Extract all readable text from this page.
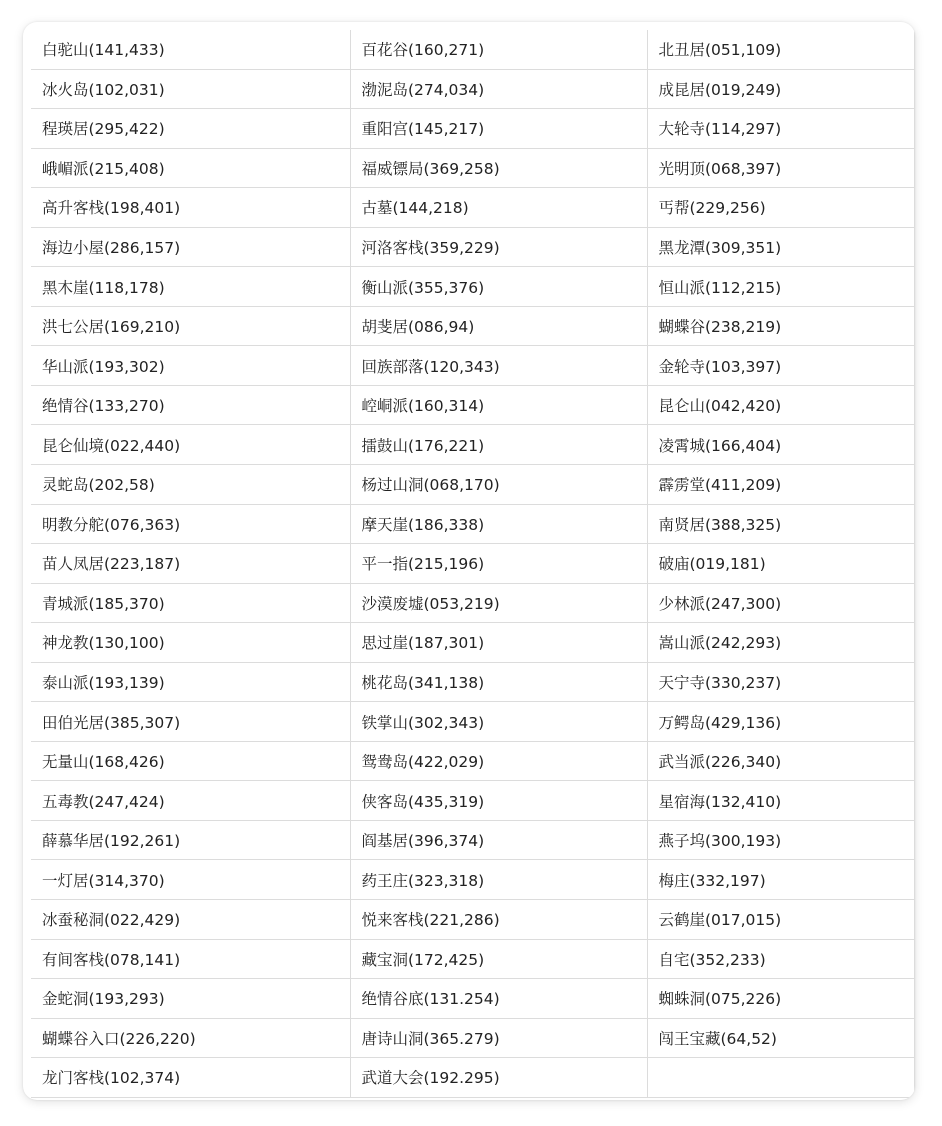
白驼山(141,433)	百花谷(160,271)	北丑居(051,109)
冰火岛(102,031)	渤泥岛(274,034)	成昆居(019,249)
程瑛居(295,422)	重阳宫(145,217)	大轮寺(114,297)
峨嵋派(215,408)	福威镖局(369,258)	光明顶(068,397)
高升客栈(198,401)	古墓(144,218)	丐帮(229,256)
海边小屋(286,157)	河洛客栈(359,229)	黑龙潭(309,351)
黑木崖(118,178)	衡山派(355,376)	恒山派(112,215)
洪七公居(169,210)	胡斐居(086,94)	蝴蝶谷(238,219)
华山派(193,302)	回族部落(120,343)	金轮寺(103,397)
绝情谷(133,270)	崆峒派(160,314)	昆仑山(042,420)
昆仑仙境(022,440)	擂鼓山(176,221)	凌霄城(166,404)
灵蛇岛(202,58)	杨过山洞(068,170)	霹雳堂(411,209)
明教分舵(076,363)	摩天崖(186,338)	南贤居(388,325)
苗人凤居(223,187)	平一指(215,196)	破庙(019,181)
青城派(185,370)	沙漠废墟(053,219)	少林派(247,300)
神龙教(130,100)	思过崖(187,301)	嵩山派(242,293)
泰山派(193,139)	桃花岛(341,138)	天宁寺(330,237)
田伯光居(385,307)	铁掌山(302,343)	万鳄岛(429,136)
无量山(168,426)	鸳鸯岛(422,029)	武当派(226,340)
五毒教(247,424)	侠客岛(435,319)	星宿海(132,410)
薛慕华居(192,261)	阎基居(396,374)	燕子坞(300,193)
一灯居(314,370)	药王庄(323,318)	梅庄(332,197)
冰蚕秘洞(022,429)	悦来客栈(221,286)	云鹤崖(017,015)
有间客栈(078,141)	藏宝洞(172,425)	自宅(352,233)
金蛇洞(193,293)	绝情谷底(131.254)	蜘蛛洞(075,226)
蝴蝶谷入口(226,220)	唐诗山洞(365.279)	闯王宝藏(64,52)
龙门客栈(102,374)	武道大会(192.295)	
